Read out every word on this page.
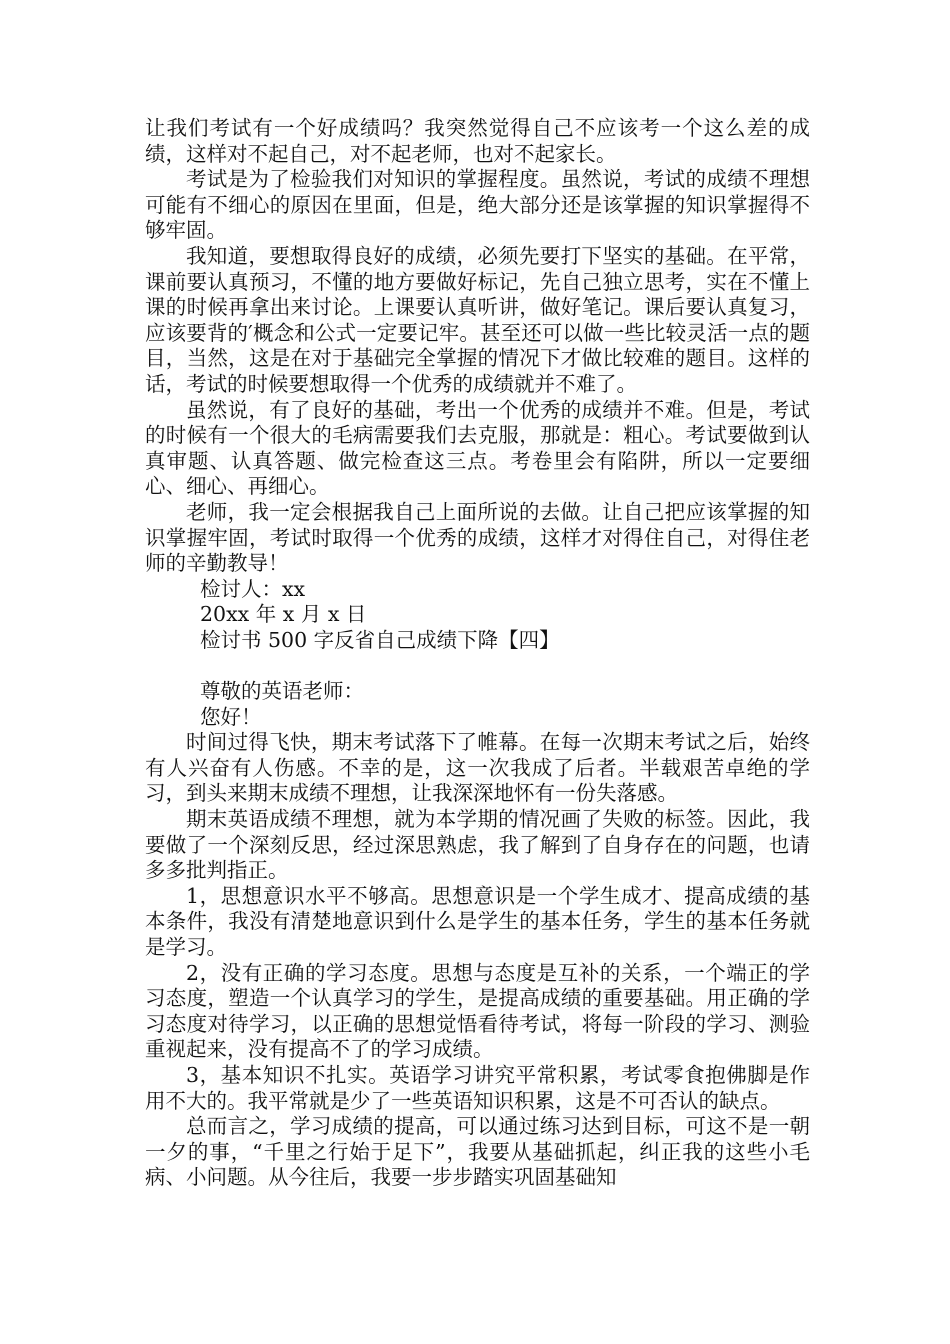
让我们考试有一个好成绩吗？我突然觉得自己不应该考一个这么差的成绩，这样对不起自己，对不起老师，也对不起家长。

考试是为了检验我们对知识的掌握程度。虽然说，考试的成绩不理想可能有不细心的原因在里面，但是，绝大部分还是该掌握的知识掌握得不够牢固。

我知道，要想取得良好的成绩，必须先要打下坚实的基础。在平常，课前要认真预习，不懂的地方要做好标记，先自己独立思考，实在不懂上课的时候再拿出来讨论。上课要认真听讲，做好笔记。课后要认真复习，应该要背的′概念和公式一定要记牢。甚至还可以做一些比较灵活一点的题目，当然，这是在对于基础完全掌握的情况下才做比较难的题目。这样的话，考试的时候要想取得一个优秀的成绩就并不难了。

虽然说，有了良好的基础，考出一个优秀的成绩并不难。但是，考试的时候有一个很大的毛病需要我们去克服，那就是：粗心。考试要做到认真审题、认真答题、做完检查这三点。考卷里会有陷阱，所以一定要细心、细心、再细心。

老师，我一定会根据我自己上面所说的去做。让自己把应该掌握的知识掌握牢固，考试时取得一个优秀的成绩，这样才对得住自己，对得住老师的辛勤教导！

检讨人：xx

20xx 年 x 月 x 日

检讨书 500 字反省自己成绩下降【四】

尊敬的英语老师：

您好！

时间过得飞快，期末考试落下了帷幕。在每一次期末考试之后，始终有人兴奋有人伤感。不幸的是，这一次我成了后者。半载艰苦卓绝的学习，到头来期末成绩不理想，让我深深地怀有一份失落感。

期末英语成绩不理想，就为本学期的情况画了失败的标签。因此，我要做了一个深刻反思，经过深思熟虑，我了解到了自身存在的问题，也请多多批判指正。

1，思想意识水平不够高。思想意识是一个学生成才、提高成绩的基本条件，我没有清楚地意识到什么是学生的基本任务，学生的基本任务就是学习。

2，没有正确的学习态度。思想与态度是互补的关系，一个端正的学习态度，塑造一个认真学习的学生，是提高成绩的重要基础。用正确的学习态度对待学习，以正确的思想觉悟看待考试，将每一阶段的学习、测验重视起来，没有提高不了的学习成绩。

3，基本知识不扎实。英语学习讲究平常积累，考试零食抱佛脚是作用不大的。我平常就是少了一些英语知识积累，这是不可否认的缺点。

总而言之，学习成绩的提高，可以通过练习达到目标，可这不是一朝一夕的事，“千里之行始于足下”，我要从基础抓起，纠正我的这些小毛病、小问题。从今往后，我要一步步踏实巩固基础知
